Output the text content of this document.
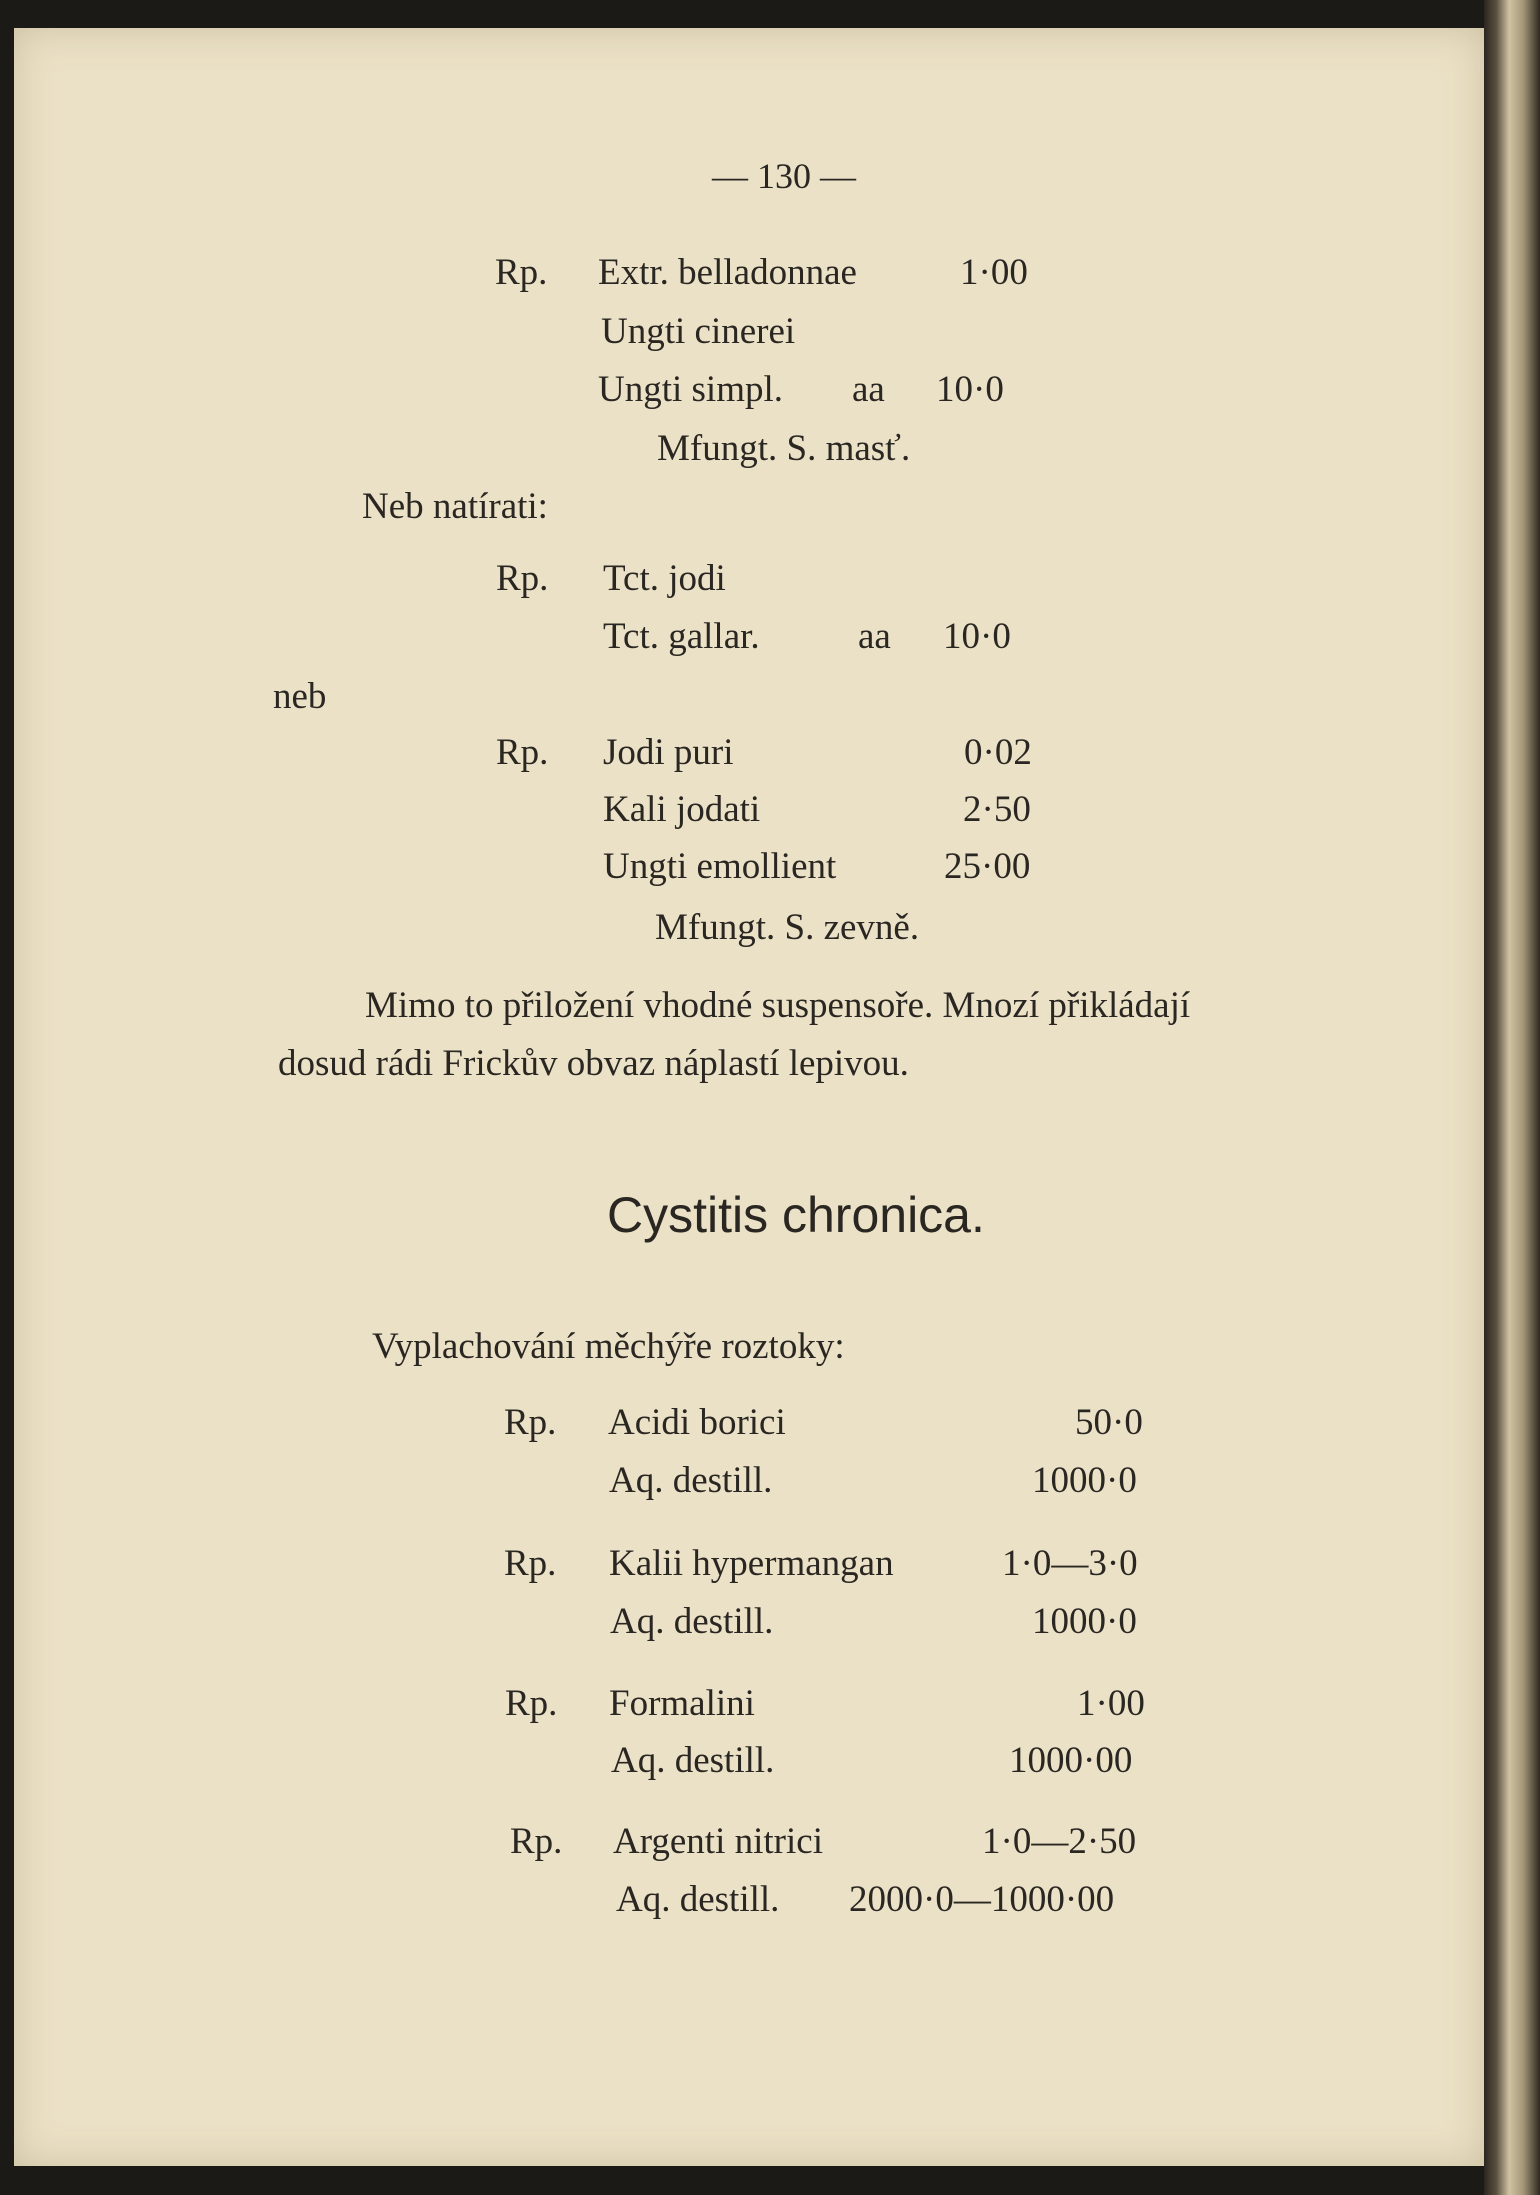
— 130 —
Rp. Extr. belladonnae	1·00
Ungti cinerei
Ungti simpl. aa 10·0
Mfungt. S. masť.
Neb natírati:
Rp. Tct. jodi
Tct. gallar.	aa 10·0
neb
Rp. Jodi puri	0·02
Kali jodati	2·50
Ungti emollient	25·00
Mfungt. S. zevně.
Mimo to přiložení vhodné suspensoře. Mnozí přikládají
dosud rádi Frickův obvaz náplastí lepivou.
Cystitis chronica.
Vyplachování měchýře roztoky:
Rp. Acidi borici	50·0
Aq. destill.	1000·0
Rp. Kalii hypermangan	1·0—3·0
Aq. destill.	1000·0
Rp. Formalini	1·00
Aq. destill.	1000·00
Rp. Argenti nitrici	1·0—2·50
Aq. destill. 2000·0—1000·00
